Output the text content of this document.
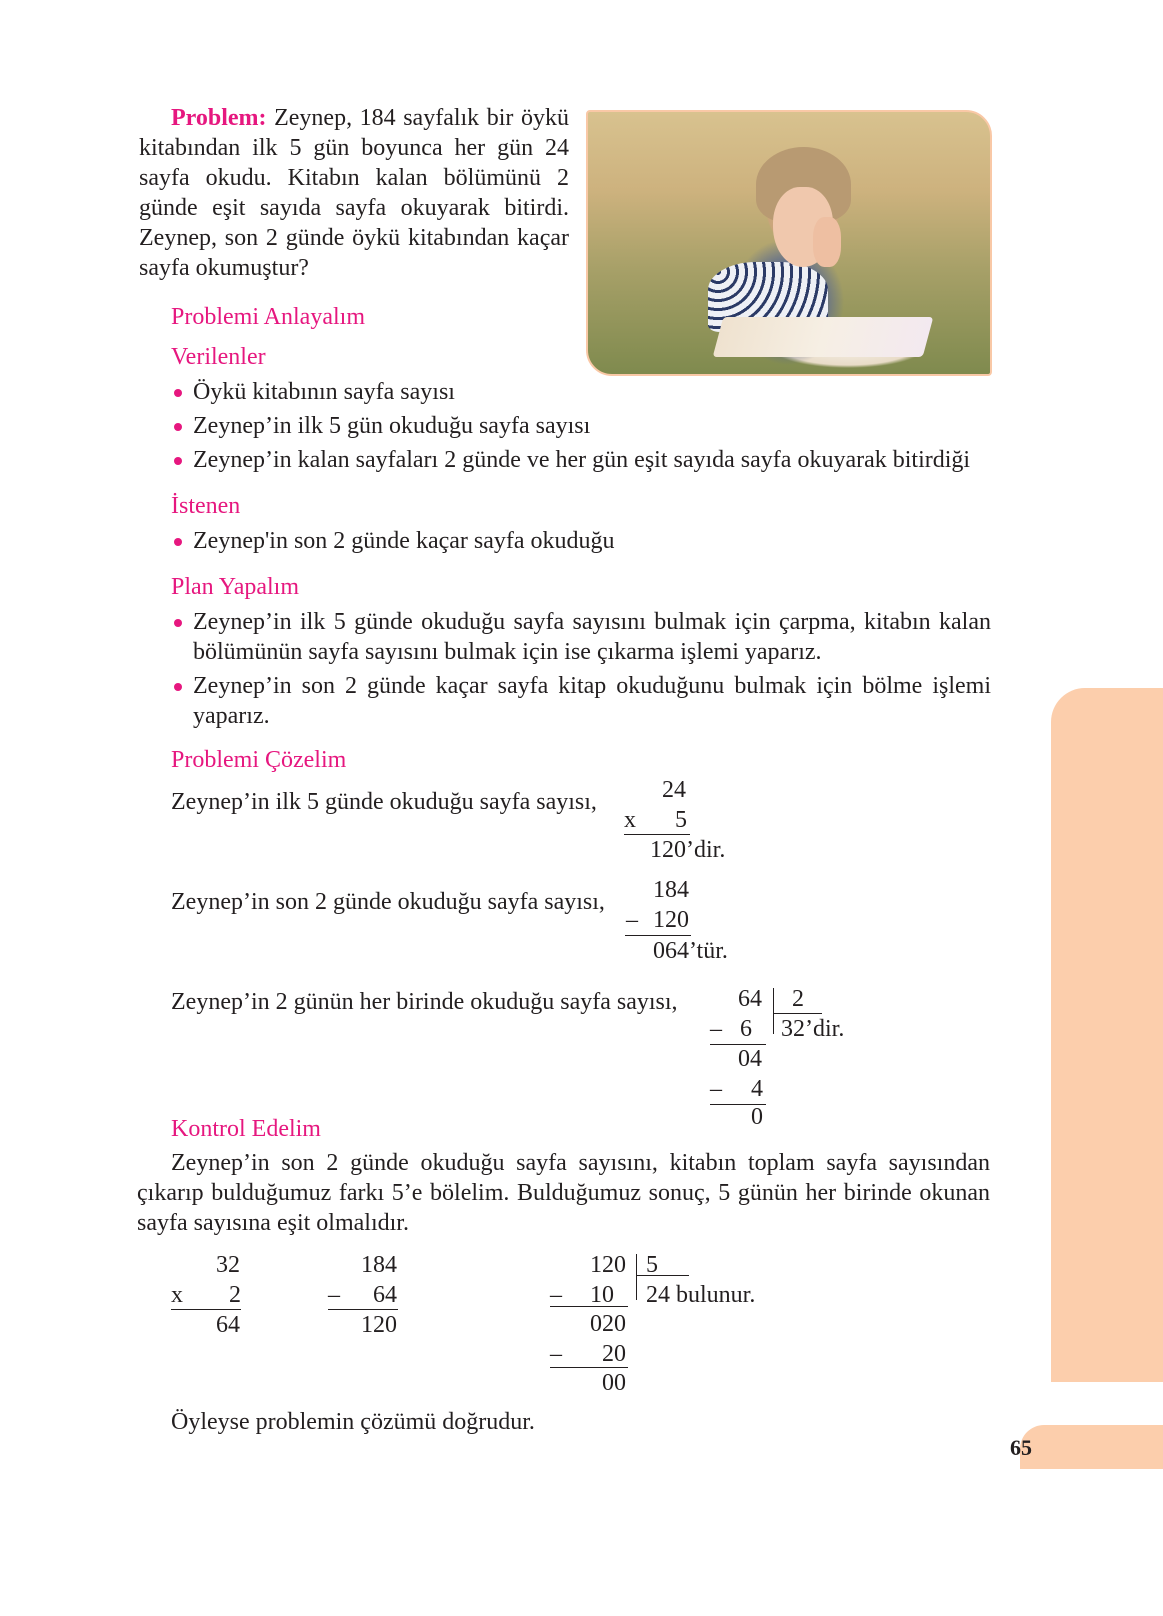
Problem: Zeynep, 184 sayfalık bir öykü kitabından ilk 5 gün boyunca her gün 24 sayfa okudu. Kitabın kalan bölümünü 2 günde eşit sayıda sayfa okuyarak bitirdi. Zeynep, son 2 günde öykü kitabından kaçar sayfa okumuştur?
Problemi Anlayalım
Verilenler
Öykü kitabının sayfa sayısı
Zeynep’in ilk 5 gün okuduğu sayfa sayısı
Zeynep’in kalan sayfaları 2 günde ve her gün eşit sayıda sayfa okuyarak bitirdiği
İstenen
Zeynep'in son 2 günde kaçar sayfa okuduğu
Plan Yapalım
Zeynep’in ilk 5 günde okuduğu sayfa sayısını bulmak için çarpma, kitabın kalan bölümünün sayfa sayısını bulmak için ise çıkarma işlemi yaparız.
Zeynep’in son 2 günde kaçar sayfa kitap okuduğunu bulmak için bölme işlemi yaparız.
Problemi Çözelim
Zeynep’in ilk 5 günde okuduğu sayfa sayısı,	24
x 5
120’dir.
Zeynep’in son 2 günde okuduğu sayfa sayısı, 184
– 120
064’tür.
Zeynep’in 2 günün her birinde okuduğu sayfa sayısı,	64 2
32’dir.
– 6
04
– 4
0
Kontrol Edelim
Zeynep’in son 2 günde okuduğu sayfa sayısını, kitabın toplam sayfa sayısından çıkarıp bulduğumuz farkı 5’e bölelim. Bulduğumuz sonuç, 5 günün her birinde okunan sayfa sayısına eşit olmalıdır.
32
x 2
64
184
– 64
120
120 5
24 bulunur.
– 10
020
– 20
00
Öyleyse problemin çözümü doğrudur.
65
